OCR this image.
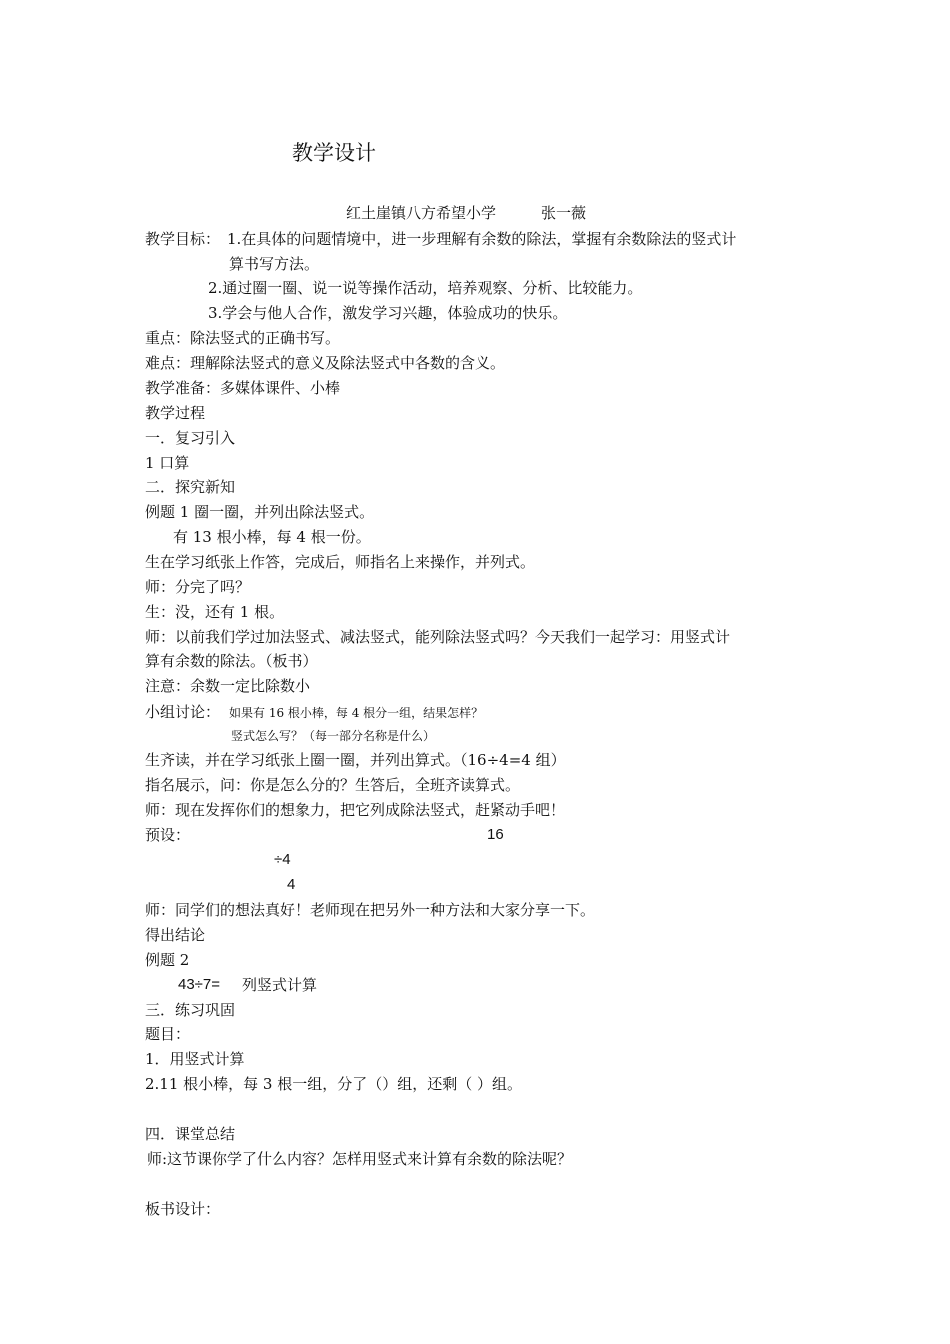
教学设计
红土崖镇八方希望小学	张一薇
教学目标： 1.在具体的问题情境中，进一步理解有余数的除法，掌握有余数除法的竖式计
算书写方法。
2.通过圈一圈、说一说等操作活动，培养观察、分析、比较能力。
3.学会与他人合作，激发学习兴趣，体验成功的快乐。
重点：除法竖式的正确书写。
难点：理解除法竖式的意义及除法竖式中各数的含义。
教学准备：多媒体课件、小棒
教学过程
一．复习引入
1 口算
二．探究新知
例题 1 圈一圈，并列出除法竖式。
有 13 根小棒，每 4 根一份。
生在学习纸张上作答，完成后，师指名上来操作，并列式。
师：分完了吗？
生：没，还有 1 根。
师：以前我们学过加法竖式、减法竖式，能列除法竖式吗？今天我们一起学习：用竖式计
算有余数的除法。（板书）
注意：余数一定比除数小
小组讨论： 如果有 16 根小棒，每 4 根分一组，结果怎样？
竖式怎么写？（每一部分名称是什么）
生齐读，并在学习纸张上圈一圈，并列出算式。（16÷4=4 组）
指名展示，问：你是怎么分的？生答后，全班齐读算式。
师：现在发挥你们的想象力，把它列成除法竖式，赶紧动手吧！
预设：	16
÷4
4
师：同学们的想法真好！老师现在把另外一种方法和大家分享一下。
得出结论
例题 2
43÷7= 列竖式计算
三．练习巩固
题目：
1．用竖式计算
2.11 根小棒，每 3 根一组，分了（）组，还剩（ ）组。
四．课堂总结
师:这节课你学了什么内容？怎样用竖式来计算有余数的除法呢？
板书设计：
